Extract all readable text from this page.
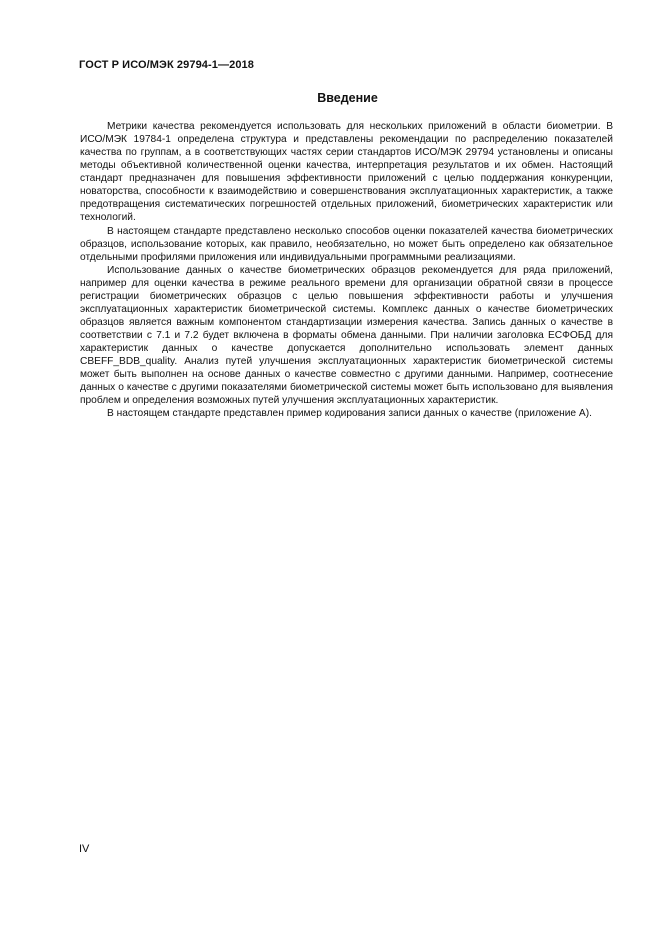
ГОСТ Р ИСО/МЭК 29794-1—2018
Введение

Метрики качества рекомендуется использовать для нескольких приложений в области биометрии. В ИСО/МЭК 19784-1 определена структура и представлены рекомендации по распределению показателей качества по группам, а в соответствующих частях серии стандартов ИСО/МЭК 29794 установлены и описаны методы объективной количественной оценки качества, интерпретация результатов и их обмен. Настоящий стандарт предназначен для повышения эффективности приложений с целью поддержания конкуренции, новаторства, способности к взаимодействию и совершенствования эксплуатационных характеристик, а также предотвращения систематических погрешностей отдельных приложений, биометрических характеристик или технологий.

В настоящем стандарте представлено несколько способов оценки показателей качества биометрических образцов, использование которых, как правило, необязательно, но может быть определено как обязательное отдельными профилями приложения или индивидуальными программными реализациями.

Использование данных о качестве биометрических образцов рекомендуется для ряда приложений, например для оценки качества в режиме реального времени для организации обратной связи в процессе регистрации биометрических образцов с целью повышения эффективности работы и улучшения эксплуатационных характеристик биометрической системы. Комплекс данных о качестве биометрических образцов является важным компонентом стандартизации измерения качества. Запись данных о качестве в соответствии с 7.1 и 7.2 будет включена в форматы обмена данными. При наличии заголовка ЕСФОБД для характеристик данных о качестве допускается дополнительно использовать элемент данных CBEFF_BDB_quality. Анализ путей улучшения эксплуатационных характеристик биометрической системы может быть выполнен на основе данных о качестве совместно с другими данными. Например, соотнесение данных о качестве с другими показателями биометрической системы может быть использовано для выявления проблем и определения возможных путей улучшения эксплуатационных характеристик.

В настоящем стандарте представлен пример кодирования записи данных о качестве (приложение А).

IV
